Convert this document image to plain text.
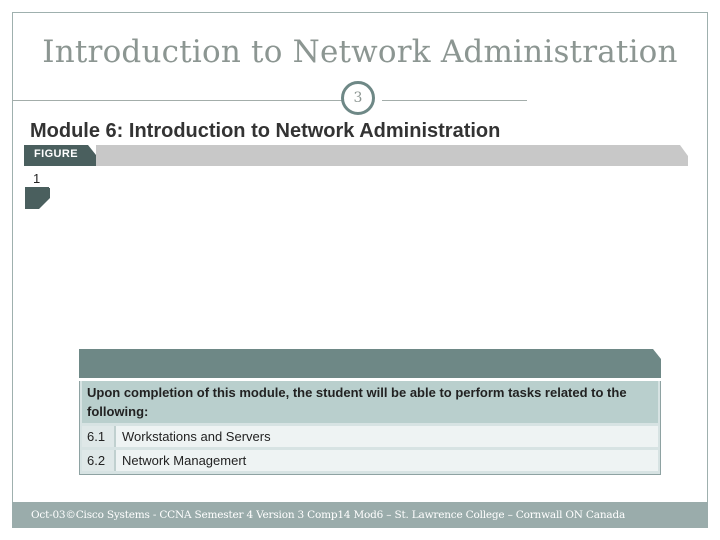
Introduction to Network Administration
3
Module 6: Introduction to Network Administration
FIGURE
1
Upon completion of this module, the student will be able to perform tasks related to the following:
6.1	Workstations and Servers
6.2	Network Managemert
Oct-03©Cisco Systems - CCNA Semester 4 Version 3 Comp14 Mod6 – St. Lawrence College – Cornwall ON Canada
